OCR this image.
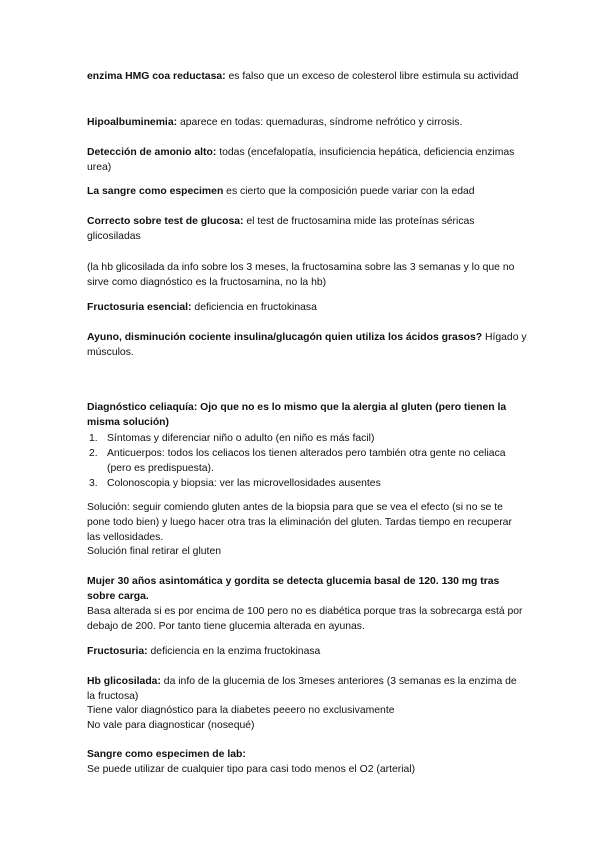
enzima HMG coa reductasa: es falso que un exceso de colesterol libre estimula su actividad

Hipoalbuminemia: aparece en todas: quemaduras, síndrome nefrótico y cirrosis.

Detección de amonio alto: todas (encefalopatía, insuficiencia hepática, deficiencia enzimas urea)

La sangre como especimen es cierto que la composición puede variar con la edad

Correcto sobre test de glucosa: el test de fructosamina mide las proteínas séricas glicosiladas

(la hb glicosilada da info sobre los 3 meses, la fructosamina sobre las 3 semanas y lo que no sirve como diagnóstico es la fructosamina, no la hb)

Fructosuria esencial: deficiencia en fructokinasa

Ayuno, disminución cociente insulina/glucagón quien utiliza los ácidos grasos? Hígado y músculos.

Diagnóstico celiaquía: Ojo que no es lo mismo que la alergia al gluten (pero tienen la misma solución)

1. Síntomas y diferenciar niño o adulto (en niño es más facil)
2. Anticuerpos: todos los celiacos los tienen alterados pero también otra gente no celiaca (pero es predispuesta).
3. Colonoscopia y biopsia: ver las microvellosidades ausentes

Solución: seguir comiendo gluten antes de la biopsia para que se vea el efecto (si no se te pone todo bien) y luego hacer otra tras la eliminación del gluten. Tardas tiempo en recuperar las vellosidades.

Solución final retirar el gluten

Mujer 30 años asintomática y gordita se detecta glucemia basal de 120. 130 mg tras sobre carga.

Basa alterada si es por encima de 100 pero no es diabética porque tras la sobrecarga está por debajo de 200. Por tanto tiene glucemia alterada en ayunas.

Fructosuria: deficiencia en la enzima fructokinasa

Hb glicosilada: da info de la glucemia de los 3meses anteriores (3 semanas es la enzima de la fructosa)

Tiene valor diagnóstico para la diabetes peeero no exclusivamente

No vale para diagnosticar (nosequé)

Sangre como especimen de lab:

Se puede utilizar de cualquier tipo para casi todo menos el O2 (arterial)
